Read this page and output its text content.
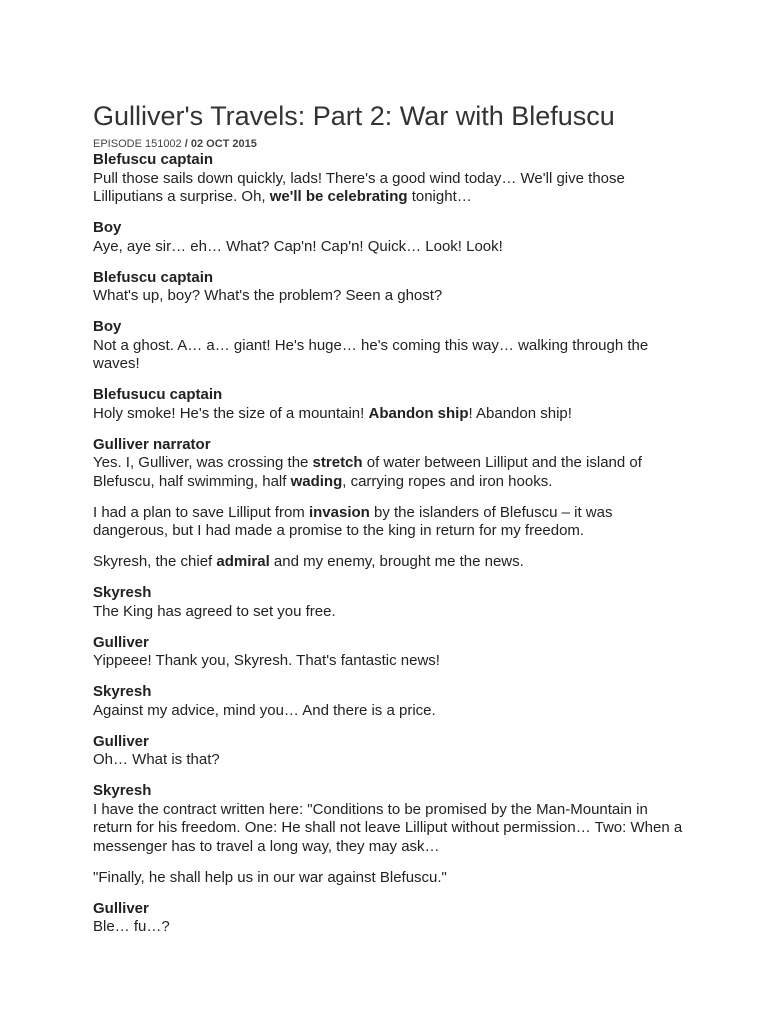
Gulliver's Travels: Part 2: War with Blefuscu
EPISODE 151002 / 02 OCT 2015
Blefuscu captain
Pull those sails down quickly, lads! There's a good wind today… We'll give those Lilliputians a surprise. Oh, we'll be celebrating tonight…
Boy
Aye, aye sir… eh… What? Cap'n! Cap'n! Quick… Look! Look!
Blefuscu captain
What's up, boy? What's the problem? Seen a ghost?
Boy
Not a ghost. A… a… giant! He's huge… he's coming this way… walking through the waves!
Blefusucu captain
Holy smoke! He's the size of a mountain! Abandon ship! Abandon ship!
Gulliver narrator
Yes. I, Gulliver, was crossing the stretch of water between Lilliput and the island of Blefuscu, half swimming, half wading, carrying ropes and iron hooks.
I had a plan to save Lilliput from invasion by the islanders of Blefuscu – it was dangerous, but I had made a promise to the king in return for my freedom.
Skyresh, the chief admiral and my enemy, brought me the news.
Skyresh
The King has agreed to set you free.
Gulliver
Yippeee! Thank you, Skyresh. That's fantastic news!
Skyresh
Against my advice, mind you… And there is a price.
Gulliver
Oh… What is that?
Skyresh
I have the contract written here: "Conditions to be promised by the Man-Mountain in return for his freedom. One: He shall not leave Lilliput without permission… Two: When a messenger has to travel a long way, they may ask…
"Finally, he shall help us in our war against Blefuscu."
Gulliver
Ble… fu…?
